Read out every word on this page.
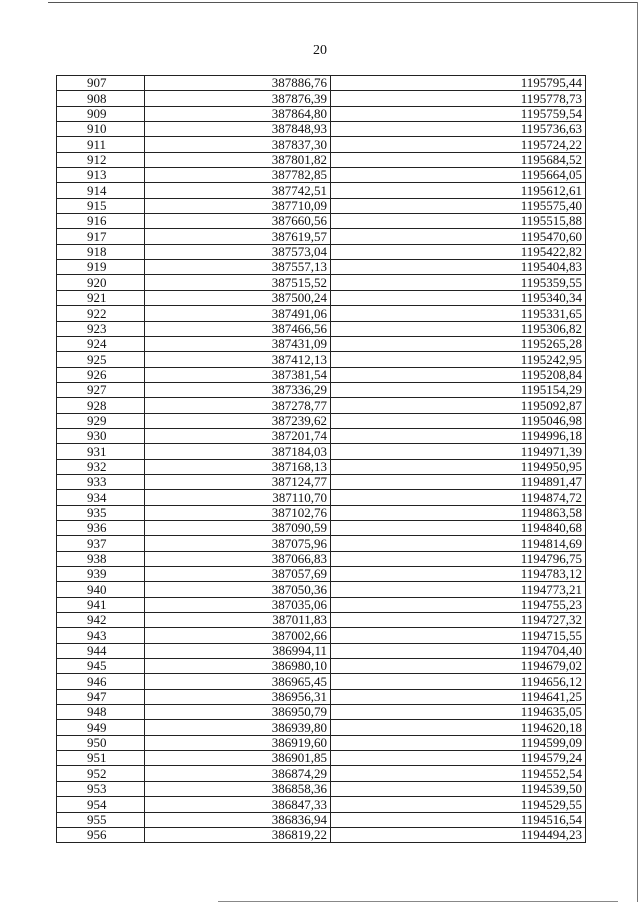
20
907	387886,76	1195795,44
908	387876,39	1195778,73
909	387864,80	1195759,54
910	387848,93	1195736,63
911	387837,30	1195724,22
912	387801,82	1195684,52
913	387782,85	1195664,05
914	387742,51	1195612,61
915	387710,09	1195575,40
916	387660,56	1195515,88
917	387619,57	1195470,60
918	387573,04	1195422,82
919	387557,13	1195404,83
920	387515,52	1195359,55
921	387500,24	1195340,34
922	387491,06	1195331,65
923	387466,56	1195306,82
924	387431,09	1195265,28
925	387412,13	1195242,95
926	387381,54	1195208,84
927	387336,29	1195154,29
928	387278,77	1195092,87
929	387239,62	1195046,98
930	387201,74	1194996,18
931	387184,03	1194971,39
932	387168,13	1194950,95
933	387124,77	1194891,47
934	387110,70	1194874,72
935	387102,76	1194863,58
936	387090,59	1194840,68
937	387075,96	1194814,69
938	387066,83	1194796,75
939	387057,69	1194783,12
940	387050,36	1194773,21
941	387035,06	1194755,23
942	387011,83	1194727,32
943	387002,66	1194715,55
944	386994,11	1194704,40
945	386980,10	1194679,02
946	386965,45	1194656,12
947	386956,31	1194641,25
948	386950,79	1194635,05
949	386939,80	1194620,18
950	386919,60	1194599,09
951	386901,85	1194579,24
952	386874,29	1194552,54
953	386858,36	1194539,50
954	386847,33	1194529,55
955	386836,94	1194516,54
956	386819,22	1194494,23
